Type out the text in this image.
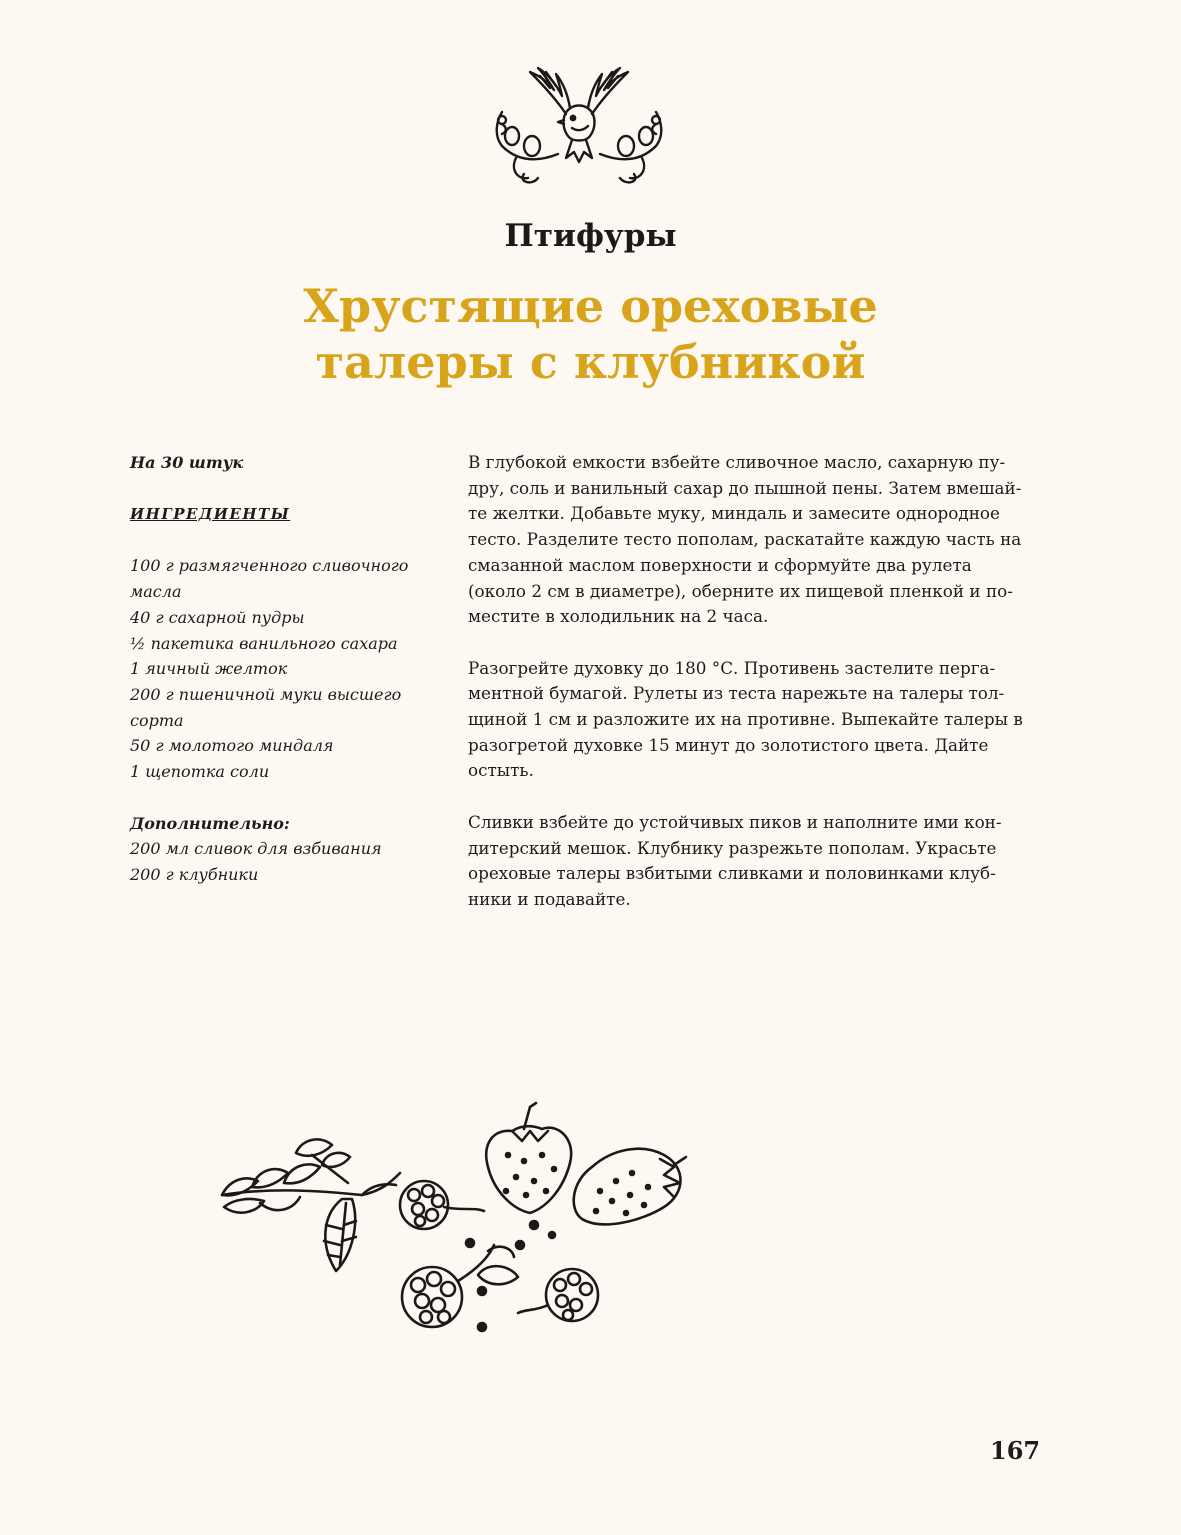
Птифуры
Хрустящие ореховые
талеры с клубникой

На 30 штук

ИНГРЕДИЕНТЫ

100 г размягченного сливочного
масла
40 г сахарной пудры
½ пакетика ванильного сахара
1 яичный желток
200 г пшеничной муки высшего
сорта
50 г молотого миндаля
1 щепотка соли

Дополнительно:

200 мл сливок для взбивания
200 г клубники

В глубокой емкости взбейте сливочное масло, сахарную пу-дру, соль и ванильный сахар до пышной пены. Затем вмешай-те желтки. Добавьте муку, миндаль и замесите однородное тесто. Разделите тесто пополам, раскатайте каждую часть на смазанной маслом поверхности и сформуйте два рулета (около 2 см в диаметре), оберните их пищевой пленкой и по-местите в холодильник на 2 часа.

Разогрейте духовку до 180 °С. Противень застелите перга-ментной бумагой. Рулеты из теста нарежьте на талеры тол-щиной 1 см и разложите их на противне. Выпекайте талеры в разогретой духовке 15 минут до золотистого цвета. Дайте остыть.

Сливки взбейте до устойчивых пиков и наполните ими кон-дитерский мешок. Клубнику разрежьте пополам. Украсьте ореховые талеры взбитыми сливками и половинками клуб-ники и подавайте.

167
